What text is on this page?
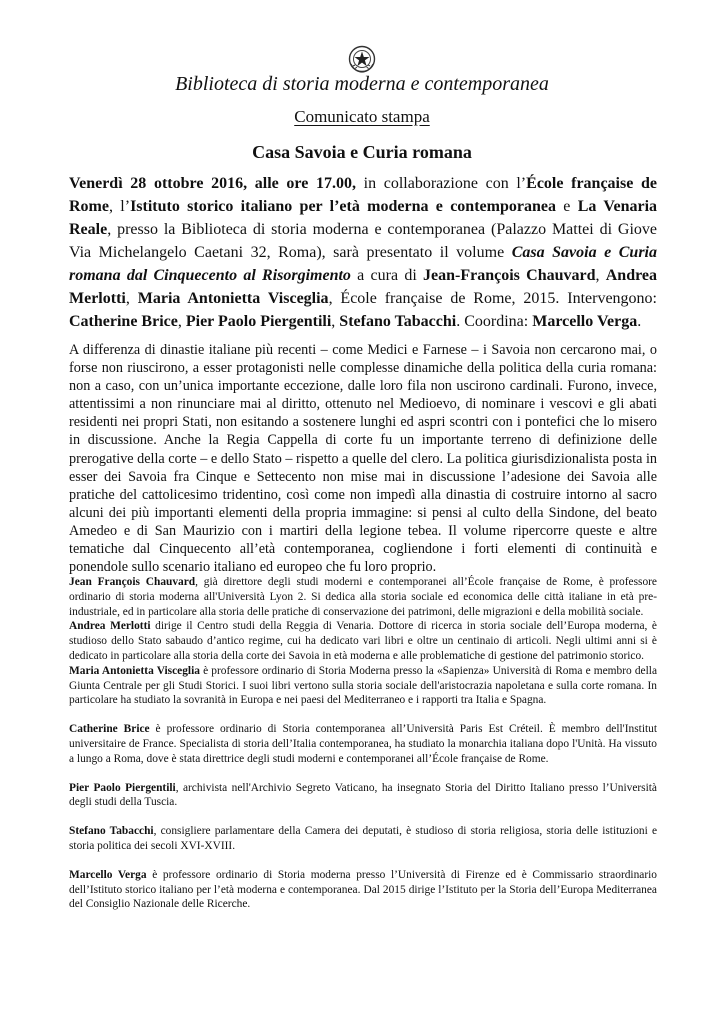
Biblioteca di storia moderna e contemporanea
Comunicato stampa
Casa Savoia e Curia romana

Venerdì 28 ottobre 2016, alle ore 17.00, in collaborazione con l’École française de Rome, l’Istituto storico italiano per l’età moderna e contemporanea e La Venaria Reale, presso la Biblioteca di storia moderna e contemporanea (Palazzo Mattei di Giove Via Michelangelo Caetani 32, Roma), sarà presentato il volume Casa Savoia e Curia romana dal Cinquecento al Risorgimento a cura di Jean-François Chauvard, Andrea Merlotti, Maria Antonietta Visceglia, École française de Rome, 2015. Intervengono: Catherine Brice, Pier Paolo Piergentili, Stefano Tabacchi. Coordina: Marcello Verga.

A differenza di dinastie italiane più recenti – come Medici e Farnese – i Savoia non cercarono mai, o forse non riuscirono, a esser protagonisti nelle complesse dinamiche della politica della curia romana: non a caso, con un’unica importante eccezione, dalle loro fila non uscirono cardinali. Furono, invece, attentissimi a non rinunciare mai al diritto, ottenuto nel Medioevo, di nominare i vescovi e gli abati residenti nei propri Stati, non esitando a sostenere lunghi ed aspri scontri con i pontefici che lo misero in discussione. Anche la Regia Cappella di corte fu un importante terreno di definizione delle prerogative della corte – e dello Stato – rispetto a quelle del clero. La politica giurisdizionalista posta in esser dei Savoia fra Cinque e Settecento non mise mai in discussione l’adesione dei Savoia alle pratiche del cattolicesimo tridentino, così come non impedì alla dinastia di costruire intorno al sacro alcuni dei più importanti elementi della propria immagine: si pensi al culto della Sindone, del beato Amedeo e di San Maurizio con i martiri della legione tebea. Il volume ripercorre queste e altre tematiche dal Cinquecento all’età contemporanea, cogliendone i forti elementi di continuità e ponendole sullo scenario italiano ed europeo che fu loro proprio.

Jean François Chauvard, già direttore degli studi moderni e contemporanei all’École française de Rome, è professore ordinario di storia moderna all'Università Lyon 2. Si dedica alla storia sociale ed economica delle città italiane in età pre-industriale, ed in particolare alla storia delle pratiche di conservazione dei patrimoni, delle migrazioni e della mobilità sociale.

Andrea Merlotti dirige il Centro studi della Reggia di Venaria. Dottore di ricerca in storia sociale dell’Europa moderna, è studioso dello Stato sabaudo d’antico regime, cui ha dedicato vari libri e oltre un centinaio di articoli. Negli ultimi anni si è dedicato in particolare alla storia della corte dei Savoia in età moderna e alle problematiche di gestione del patrimonio storico.

Maria Antonietta Visceglia è professore ordinario di Storia Moderna presso la «Sapienza» Università di Roma e membro della Giunta Centrale per gli Studi Storici. I suoi libri vertono sulla storia sociale dell'aristocrazia napoletana e sulla corte romana. In particolare ha studiato la sovranità in Europa e nei paesi del Mediterraneo e i rapporti tra Italia e Spagna.

Catherine Brice è professore ordinario di Storia contemporanea all’Università Paris Est Créteil. È membro dell'Institut universitaire de France. Specialista di storia dell’Italia contemporanea, ha studiato la monarchia italiana dopo l'Unità. Ha vissuto a lungo a Roma, dove è stata direttrice degli studi moderni e contemporanei all’École française de Rome.

Pier Paolo Piergentili, archivista nell'Archivio Segreto Vaticano, ha insegnato Storia del Diritto Italiano presso l’Università degli studi della Tuscia.

Stefano Tabacchi, consigliere parlamentare della Camera dei deputati, è studioso di storia religiosa, storia delle istituzioni e storia politica dei secoli XVI-XVIII.

Marcello Verga è professore ordinario di Storia moderna presso l’Università di Firenze ed è Commissario straordinario dell’Istituto storico italiano per l’età moderna e contemporanea. Dal 2015 dirige l’Istituto per la Storia dell’Europa Mediterranea del Consiglio Nazionale delle Ricerche.
